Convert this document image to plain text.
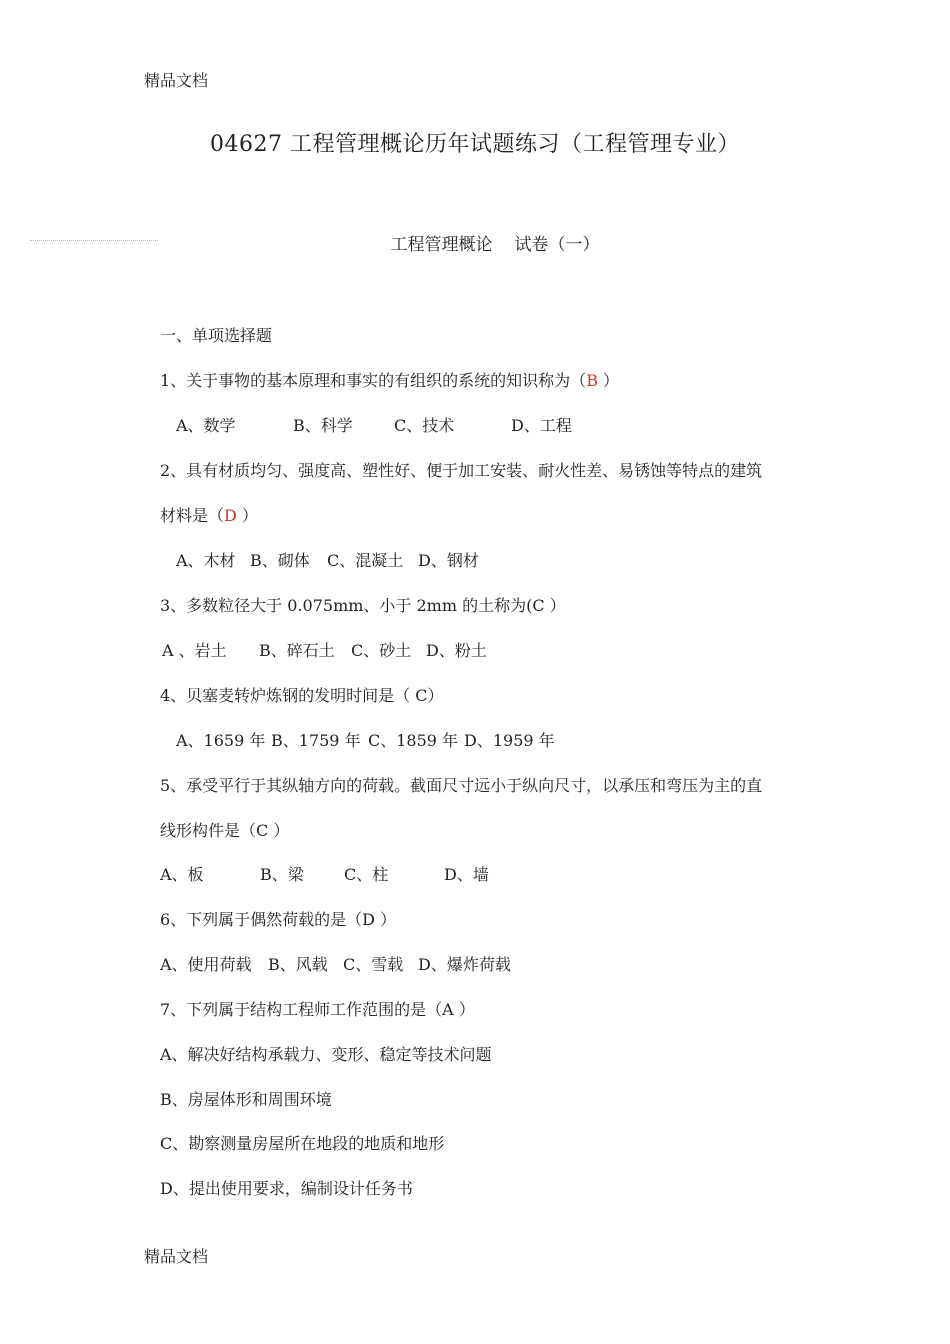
精品文档
04627 工程管理概论历年试题练习（工程管理专业）
工程管理概论 试卷（一）
一、单项选择题
1、关于事物的基本原理和事实的有组织的系统的知识称为（B ）
A、数学	B、科学	C、技术	D、工程
2、具有材质均匀、强度高、塑性好、便于加工安装、耐火性差、易锈蚀等特点的建筑
材料是（D ）
A、木材 B、砌体 C、混凝土 D、钢材
3、多数粒径大于 0.075mm、小于 2mm 的土称为(C ）
A 、岩土 B、碎石土 C、砂土 D、粉土
4、贝塞麦转炉炼钢的发明时间是（ C）
A、1659 年 B、1759 年 C、1859 年 D、1959 年
5、承受平行于其纵轴方向的荷载。截面尺寸远小于纵向尺寸，以承压和弯压为主的直
线形构件是（C ）
A、板	B、梁	C、柱	D、墙
6、下列属于偶然荷载的是（D ）
A、使用荷载 B、风载 C、雪载 D、爆炸荷载
7、下列属于结构工程师工作范围的是（A ）
A、解决好结构承载力、变形、稳定等技术问题
B、房屋体形和周围环境
C、勘察测量房屋所在地段的地质和地形
D、提出使用要求，编制设计任务书
精品文档
